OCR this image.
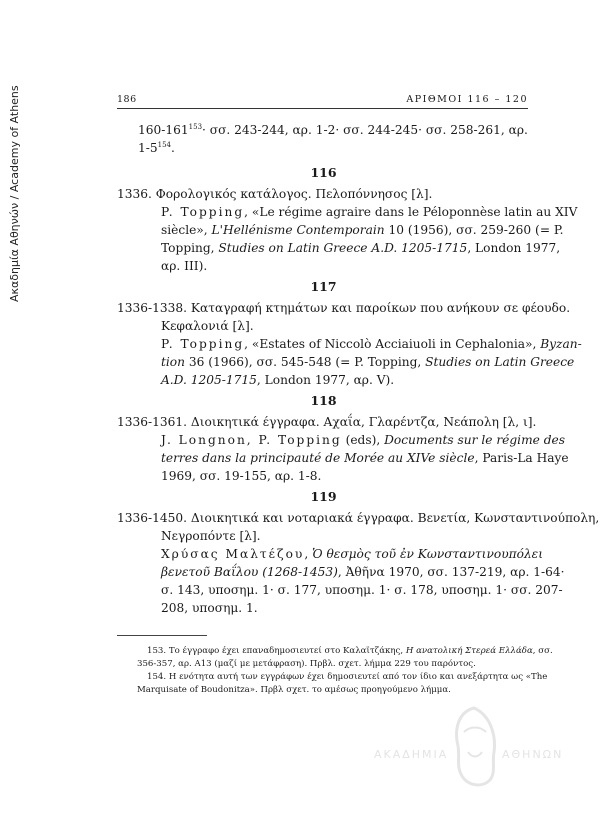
Ακαδημία Αθηνών / Academy of Athens	186	ΑΡΙΘΜΟΙ 116 – 120
$160-161^{153}\cdot \sigma\sigma$. 243-244, αρ. 1-2· σσ. 244-245· σσ. 258-261, αρ.
$1-5^{154}$.
116
1336. Φορολογικός κατάλογος. Πελοπόννησος [λ].
P. Topping, «Le régime agraire dans le Péloponnèse latin au XIV
siècle», L'Hellénisme Contemporain 10 (1956), σσ. 259-260 (= P.
Topping, Studies on Latin Greece A.D. 1205-1715, London 1977,
αρ. III).
117
1336-1338. Καταγραφή κτημάτων και παροίκων που ανήκουν σε φέουδο.
Κεφαλονιά [λ].
P. Topping, «Estates of Niccolò Acciaiuoli in Cephalonia», Byzan-
tion 36 (1966), σσ. 545-548 (= P. Topping, Studies on Latin Greece
A.D. 1205-1715, London 1977, αρ. V).
118
1336-1361. Διοικητικά έγγραφα. Αχαΐα, Γλαρέντζα, Νεάπολη [λ, ι].
J. Longnon, P. Topping (eds), Documents sur le régime des
terres dans la principauté de Morée au XIVe siècle, Paris-La Haye
1969, σσ. 19-155, αρ. 1-8.
119
1336-1450. Διοικητικά και νοταριακά έγγραφα. Βενετία, Κωνσταντινούπολη,
Νεγροπόντε [λ].
Χρύσας Μαλτέζου, Ὁ θεσμὸς τοῦ ἐν Κωνσταντινουπόλει
βενετοῦ Βαΐλου (1268-1453), Ἀθῆνα 1970, σσ. 137-219, αρ. 1-64·
σ. 143, υποσημ. 1· σ. 177, υποσημ. 1· σ. 178, υποσημ. 1· σσ. 207-
208, υποσημ. 1.
153. Το έγγραφο έχει επαναδημοσιευτεί στο Καλαϊτζάκης, Η ανατολική Στερεά Ελλάδα, σσ.
356-357, αρ. Α13 (μαζί με μετάφραση). Πρβλ. σχετ. λήμμα 229 του παρόντος.
154. Η ενότητα αυτή των εγγράφων έχει δημοσιευτεί από τον ίδιο και ανεξάρτητα ως «The
Marquisate of Boudonitza». Πρβλ σχετ. το αμέσως προηγούμενο λήμμα.
ΑΚΑΔΗΜΙΑ	ΑΘΗΝΩΝ
